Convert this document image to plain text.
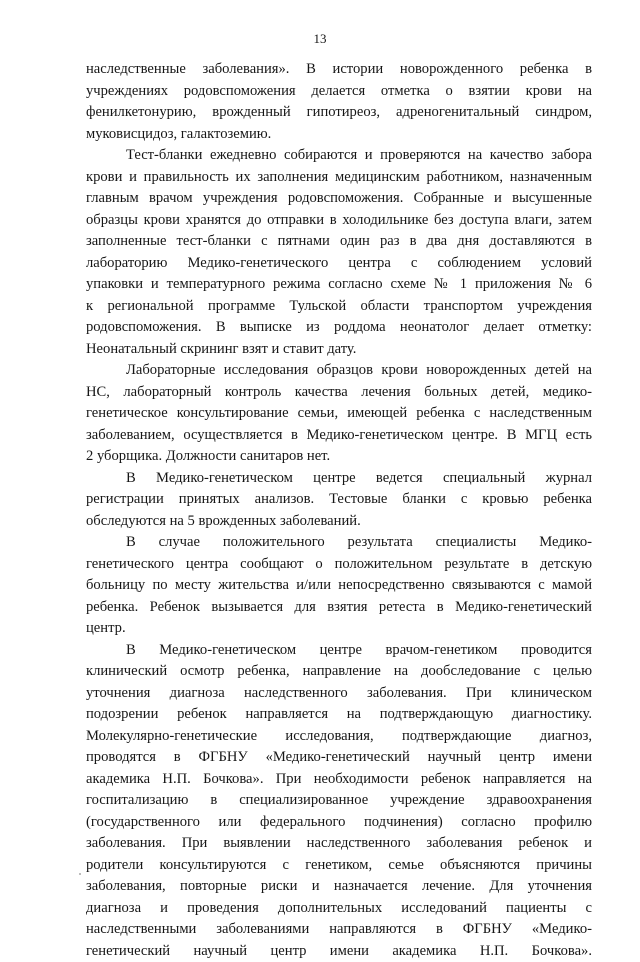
13
наследственные заболевания». В истории новорожденного ребенка в
учреждениях родовспоможения делается отметка о взятии крови на
фенилкетонурию, врожденный гипотиреоз, адреногенитальный синдром,
муковисцидоз, галактоземию.
Тест-бланки ежедневно собираются и проверяются на качество забора
крови и правильность их заполнения медицинским работником, назначенным
главным врачом учреждения родовспоможения. Собранные и высушенные
образцы крови хранятся до отправки в холодильнике без доступа влаги, затем
заполненные тест-бланки с пятнами один раз в два дня доставляются в
лабораторию Медико-генетического центра с соблюдением условий
упаковки и температурного режима согласно схеме № 1 приложения № 6
к региональной программе Тульской области транспортом учреждения
родовспоможения. В выписке из роддома неонатолог делает отметку:
Неонатальный скрининг взят и ставит дату.
Лабораторные исследования образцов крови новорожденных детей на
НС, лабораторный контроль качества лечения больных детей, медико-
генетическое консультирование семьи, имеющей ребенка с наследственным
заболеванием, осуществляется в Медико-генетическом центре. В МГЦ есть
2 уборщика. Должности санитаров нет.
В Медико-генетическом центре ведется специальный журнал
регистрации принятых анализов. Тестовые бланки с кровью ребенка
обследуются на 5 врожденных заболеваний.
В случае положительного результата специалисты Медико-
генетического центра сообщают о положительном результате в детскую
больницу по месту жительства и/или непосредственно связываются с мамой
ребенка. Ребенок вызывается для взятия ретеста в Медико-генетический
центр.
В Медико-генетическом центре врачом-генетиком проводится
клинический осмотр ребенка, направление на дообследование с целью
уточнения диагноза наследственного заболевания. При клиническом
подозрении ребенок направляется на подтверждающую диагностику.
Молекулярно-генетические исследования, подтверждающие диагноз,
проводятся в ФГБНУ «Медико-генетический научный центр имени
академика Н.П. Бочкова». При необходимости ребенок направляется на
госпитализацию в специализированное учреждение здравоохранения
(государственного или федерального подчинения) согласно профилю
заболевания. При выявлении наследственного заболевания ребенок и
родители консультируются с генетиком, семье объясняются причины
заболевания, повторные риски и назначается лечение. Для уточнения
диагноза и проведения дополнительных исследований пациенты с
наследственными заболеваниями направляются в ФГБНУ «Медико-
генетический научный центр имени академика Н.П. Бочкова».
